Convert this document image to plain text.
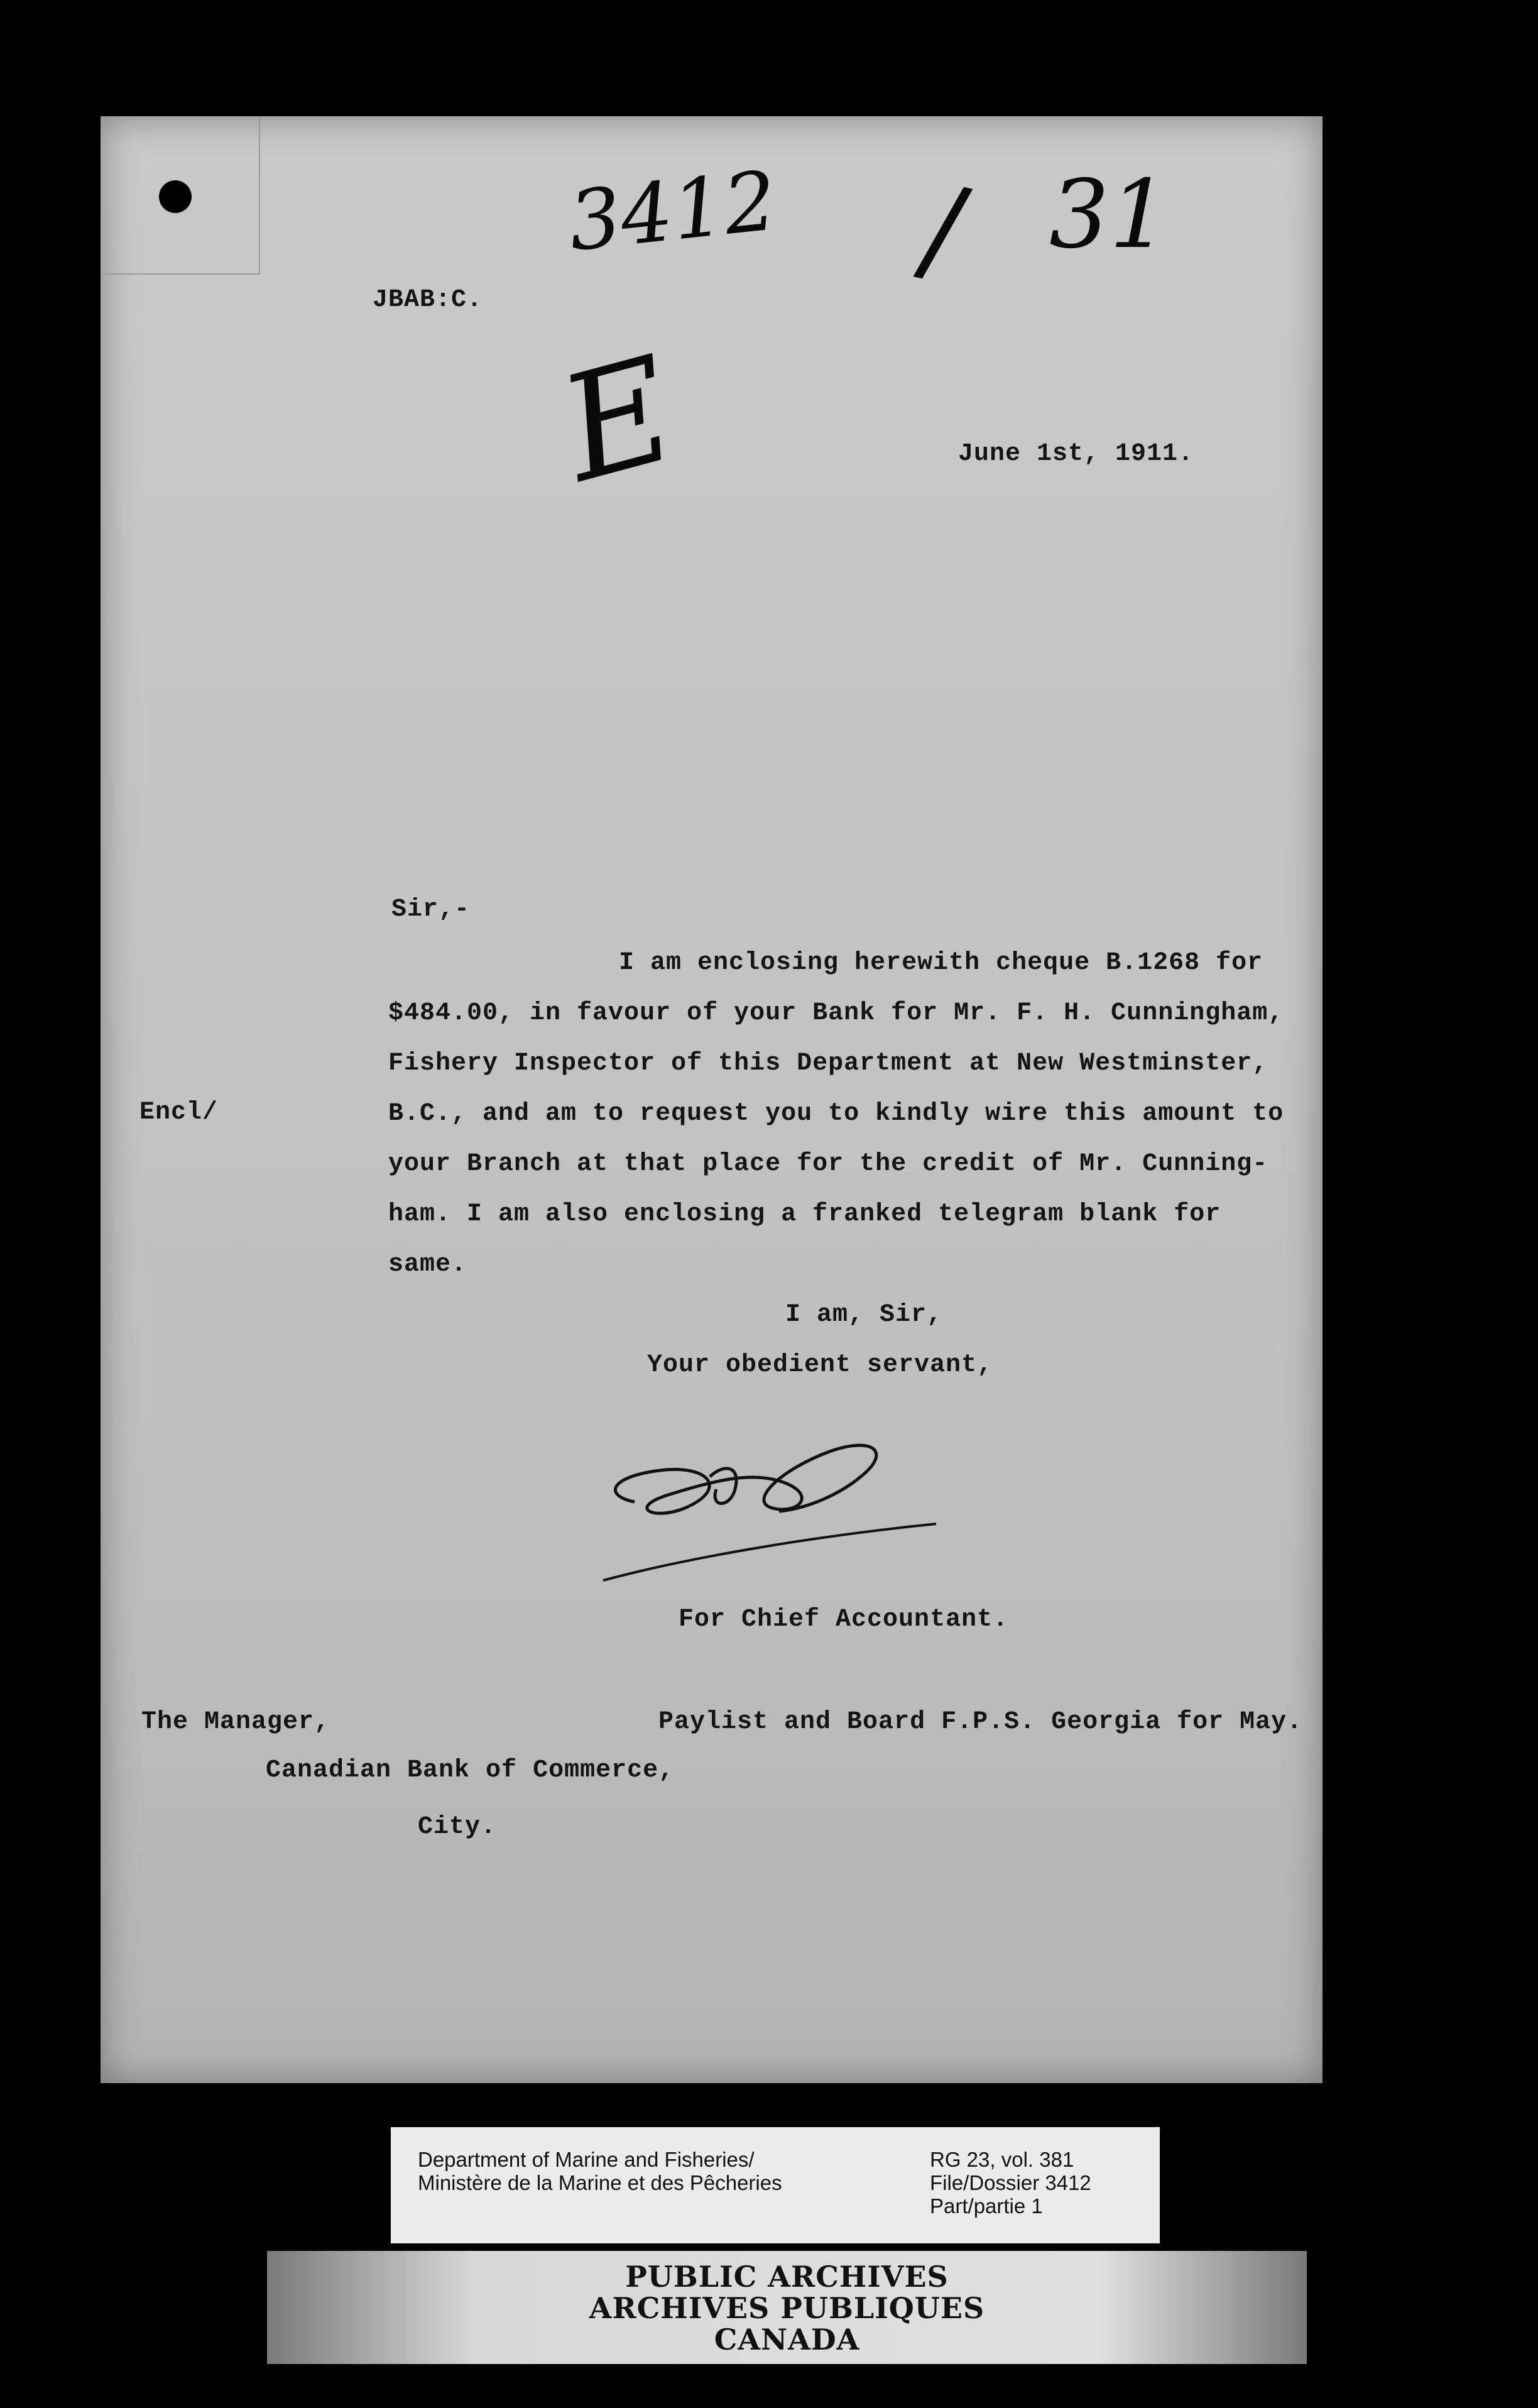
3412 / 31
E
JBAB:C.
June 1st, 1911.
Sir,-
I am enclosing herewith cheque B.1268 for
$484.00, in favour of your Bank for Mr. F. H. Cunningham,
Fishery Inspector of this Department at New Westminster,
B.C., and am to request you to kindly wire this amount to
your Branch at that place for the credit of Mr. Cunning-
ham. I am also enclosing a franked telegram blank for
same.
Encl/
I am, Sir,
Your obedient servant,
For Chief Accountant.
The Manager,
Canadian Bank of Commerce,
City.
Paylist and Board F.P.S. Georgia for May.
Department of Marine and Fisheries/
Ministère de la Marine et des Pêcheries
RG 23, vol. 381
File/Dossier 3412
Part/partie 1
PUBLIC ARCHIVES
ARCHIVES PUBLIQUES
CANADA
